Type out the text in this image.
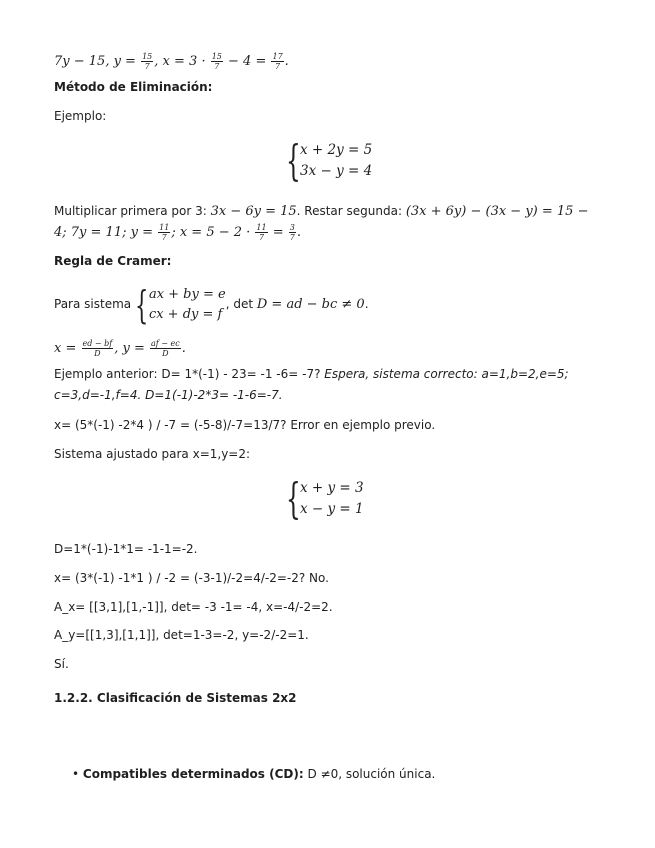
7y − 15, $y = \frac{15}{7}$ , $x = 3 \cdot \frac{15}{7} - 4 = \frac{17}{7}$ .
Método de Eliminación:
Ejemplo:
{ x + 2y = 5
3x − y = 4
Multiplicar primera por 3: 3x − 6y = 15. Restar segunda: (3x + 6y) − (3x − y) = 15 −
4; 7y = 11; $y = \frac{11}{7}$ ; $x = 5 - 2 \cdot \frac{11}{7} = \frac{3}{7}$ .
Regla de Cramer:
Para sistema { ax + by = e
cx + dy = f
, det D = ad − bc ≠ 0.
$x = \frac{ed - bf}{D}$ , $y = \frac{af - ec}{D}$ .
Ejemplo anterior: D= 1*(-1) - 23= -1 -6= -7? Espera, sistema correcto: a=1,b=2,e=5;
c=3,d=-1,f=4. D=1(-1)-2*3= -1-6=-7.
x= (5*(-1) -2*4 ) / -7 = (-5-8)/-7=13/7? Error en ejemplo previo.
Sistema ajustado para x=1,y=2:
{ x + y = 3
x − y = 1
D=1*(-1)-1*1= -1-1=-2.
x= (3*(-1) -1*1 ) / -2 = (-3-1)/-2=4/-2=-2? No.
A_x= [[3,1],[1,-1]], det= -3 -1= -4, x=-4/-2=2.
A_y=[[1,3],[1,1]], det=1-3=-2, y=-2/-2=1.
Sí.
1.2.2. Clasificación de Sistemas 2x2
• Compatibles determinados (CD): D ≠0, solución única.
